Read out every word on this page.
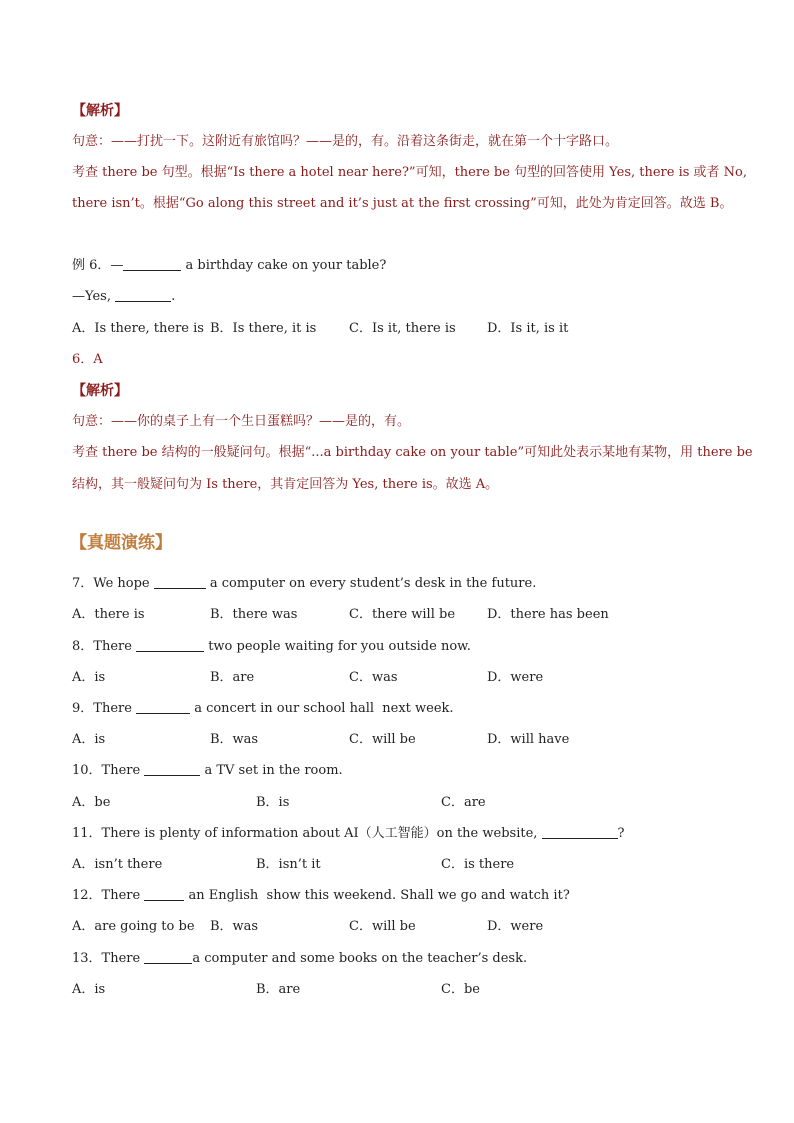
【解析】
句意：——打扰一下。这附近有旅馆吗？——是的，有。沿着这条街走，就在第一个十字路口。
考查 there be 句型。根据“Is there a hotel near here?”可知，there be 句型的回答使用 Yes, there is 或者 No,
there isn’t。根据“Go along this street and it’s just at the first crossing”可知，此处为肯定回答。故选 B。
例 6．—	a birthday cake on your table?
—Yes,	.
A．Is there, there is B．Is there, it is	C．Is it, there is D．Is it, is it
6．A
【解析】
句意：——你的桌子上有一个生日蛋糕吗？——是的，有。
考查 there be 结构的一般疑问句。根据“...a birthday cake on your table”可知此处表示某地有某物，用 there be
结构，其一般疑问句为 Is there，其肯定回答为 Yes, there is。故选 A。
【真题演练】
7．We hope	a computer on every student’s desk in the future.
A．there is	B．there was	C．there will be D．there has been
8．There	two people waiting for you outside now.
A．is	B．are	C．was	D．were
9．There	a concert in our school hall  next week.
A．is	B．was	C．will be	D．will have
10．There	a TV set in the room.
A．be	B．is	C．are
11．There is plenty of information about AI（人工智能）on the website,	?
A．isn’t there	B．isn’t it	C．is there
12．There	an English  show this weekend. Shall we go and watch it?
A．are going to be B．was	C．will be	D．were
13．There	a computer and some books on the teacher’s desk.
A．is	B．are	C．be
